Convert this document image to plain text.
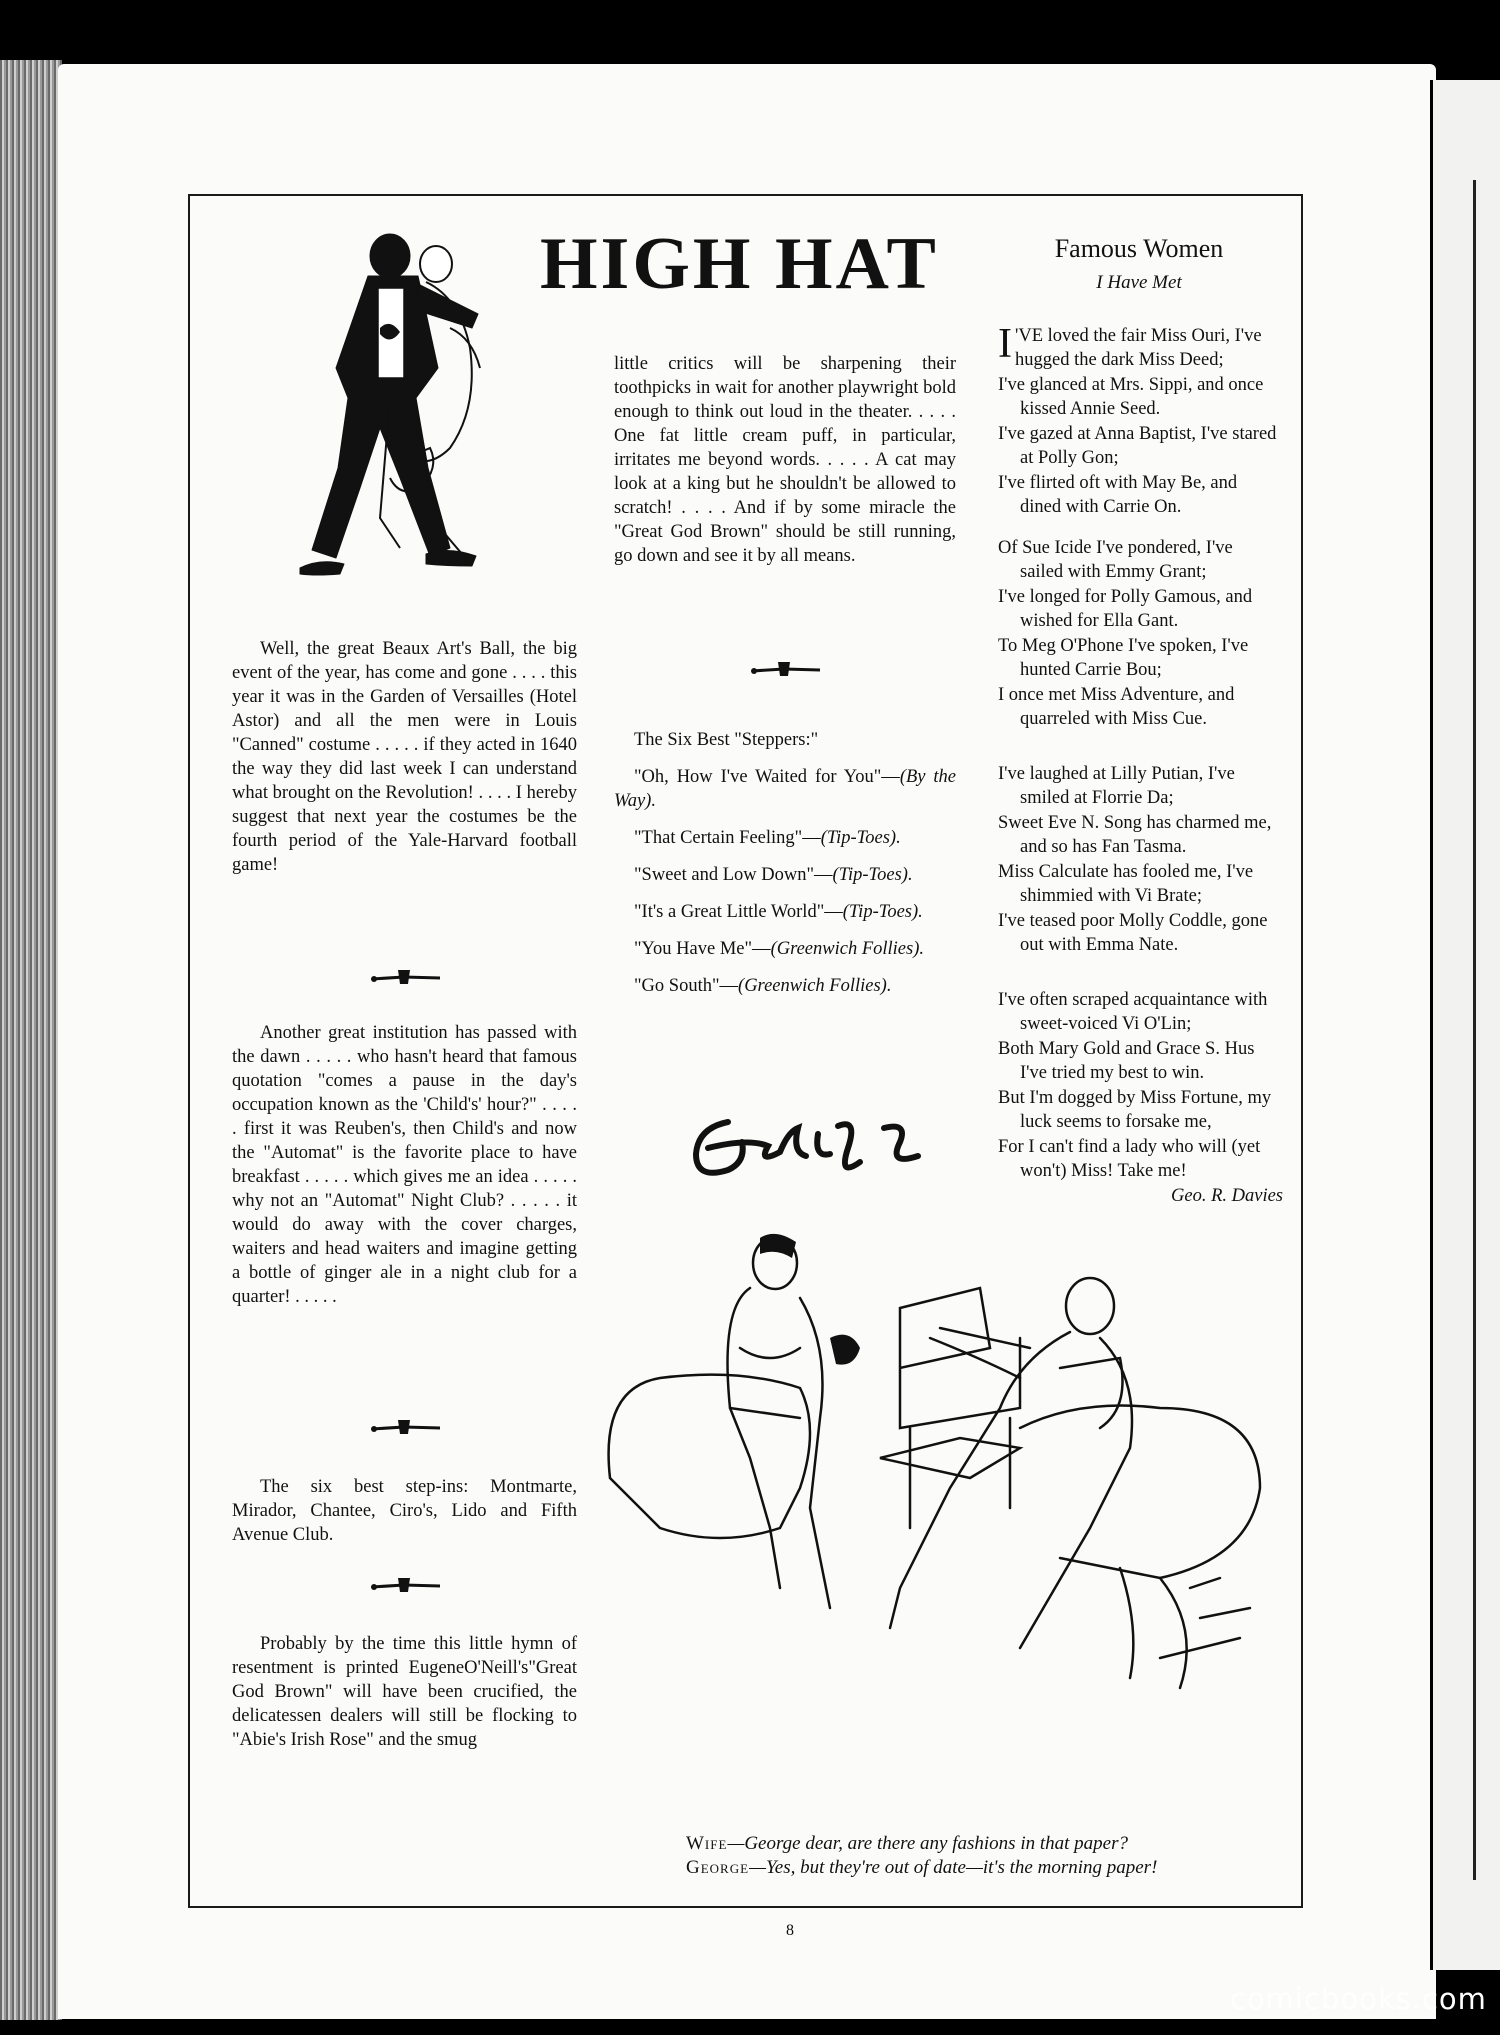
HIGH HAT

Well, the great Beaux Art's Ball, the big event of the year, has come and gone . . . . this year it was in the Garden of Versailles (Hotel Astor) and all the men were in Louis "Canned" costume . . . . . if they acted in 1640 the way they did last week I can understand what brought on the Revolution! . . . . I hereby suggest that next year the costumes be the fourth period of the Yale-Harvard football game!

Another great institution has passed with the dawn . . . . . who hasn't heard that famous quotation "comes a pause in the day's occupation known as the 'Child's' hour?" . . . . . first it was Reuben's, then Child's and now the "Automat" is the favorite place to have breakfast . . . . . which gives me an idea . . . . . why not an "Automat" Night Club? . . . . . it would do away with the cover charges, waiters and head waiters and imagine getting a bottle of ginger ale in a night club for a quarter! . . . . .

The six best step-ins: Montmarte, Mirador, Chantee, Ciro's, Lido and Fifth Avenue Club.

Probably by the time this little hymn of resentment is printed EugeneO'Neill's"Great God Brown" will have been crucified, the delicatessen dealers will still be flocking to "Abie's Irish Rose" and the smug

little critics will be sharpening their toothpicks in wait for another playwright bold enough to think out loud in the theater. . . . . One fat little cream puff, in particular, irritates me beyond words. . . . . A cat may look at a king but he shouldn't be allowed to scratch! . . . . And if by some miracle the "Great God Brown" should be still running, go down and see it by all means.
The Six Best "Steppers:"
"Oh, How I've Waited for You"—(By the Way).
"That Certain Feeling"—(Tip-Toes).
"Sweet and Low Down"—(Tip-Toes).
"It's a Great Little World"—(Tip-Toes).
"You Have Me"—(Greenwich Follies).
"Go South"—(Greenwich Follies).
Famous Women
I Have Met
I 'VE loved the fair Miss Ouri, I've hugged the dark Miss Deed;
I've glanced at Mrs. Sippi, and once kissed Annie Seed.
I've gazed at Anna Baptist, I've stared at Polly Gon;
I've flirted oft with May Be, and dined with Carrie On.
Of Sue Icide I've pondered, I've sailed with Emmy Grant;
I've longed for Polly Gamous, and wished for Ella Gant.
To Meg O'Phone I've spoken, I've hunted Carrie Bou;
I once met Miss Adventure, and quarreled with Miss Cue.
I've laughed at Lilly Putian, I've smiled at Florrie Da;
Sweet Eve N. Song has charmed me, and so has Fan Tasma.
Miss Calculate has fooled me, I've shimmied with Vi Brate;
I've teased poor Molly Coddle, gone out with Emma Nate.
I've often scraped acquaintance with sweet-voiced Vi O'Lin;
Both Mary Gold and Grace S. Hus I've tried my best to win.
But I'm dogged by Miss Fortune, my luck seems to forsake me,
For I can't find a lady who will (yet won't) Miss! Take me!
Geo. R. Davies
Wife—George dear, are there any fashions in that paper?
George—Yes, but they're out of date—it's the morning paper!
8
comicbooks.com
